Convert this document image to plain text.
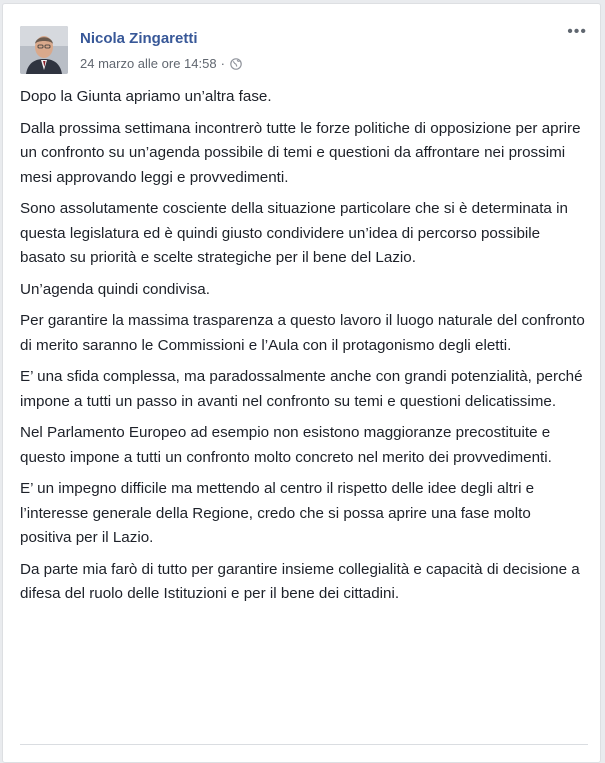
Nicola Zingaretti
24 marzo alle ore 14:58 ·
•••

Dopo la Giunta apriamo un’altra fase.

Dalla prossima settimana incontrerò tutte le forze politiche di opposizione per aprire un confronto su un’agenda possibile di temi e questioni da affrontare nei prossimi mesi approvando leggi e provvedimenti.

Sono assolutamente cosciente della situazione particolare che si è determinata in questa legislatura ed è quindi giusto condividere un’idea di percorso possibile basato su priorità e scelte strategiche per il bene del Lazio.

Un’agenda quindi condivisa.

Per garantire la massima trasparenza a questo lavoro il luogo naturale del confronto di merito saranno le Commissioni e l’Aula con il protagonismo degli eletti.

E’ una sfida complessa, ma paradossalmente anche con grandi potenzialità, perché impone a tutti un passo in avanti nel confronto su temi e questioni delicatissime.

Nel Parlamento Europeo ad esempio non esistono maggioranze precostituite e questo impone a tutti un confronto molto concreto nel merito dei provvedimenti.

E’ un impegno difficile ma mettendo al centro il rispetto delle idee degli altri e l’interesse generale della Regione, credo che si possa aprire una fase molto positiva per il Lazio.

Da parte mia farò di tutto per garantire insieme collegialità e capacità di decisione a difesa del ruolo delle Istituzioni e per il bene dei cittadini.
